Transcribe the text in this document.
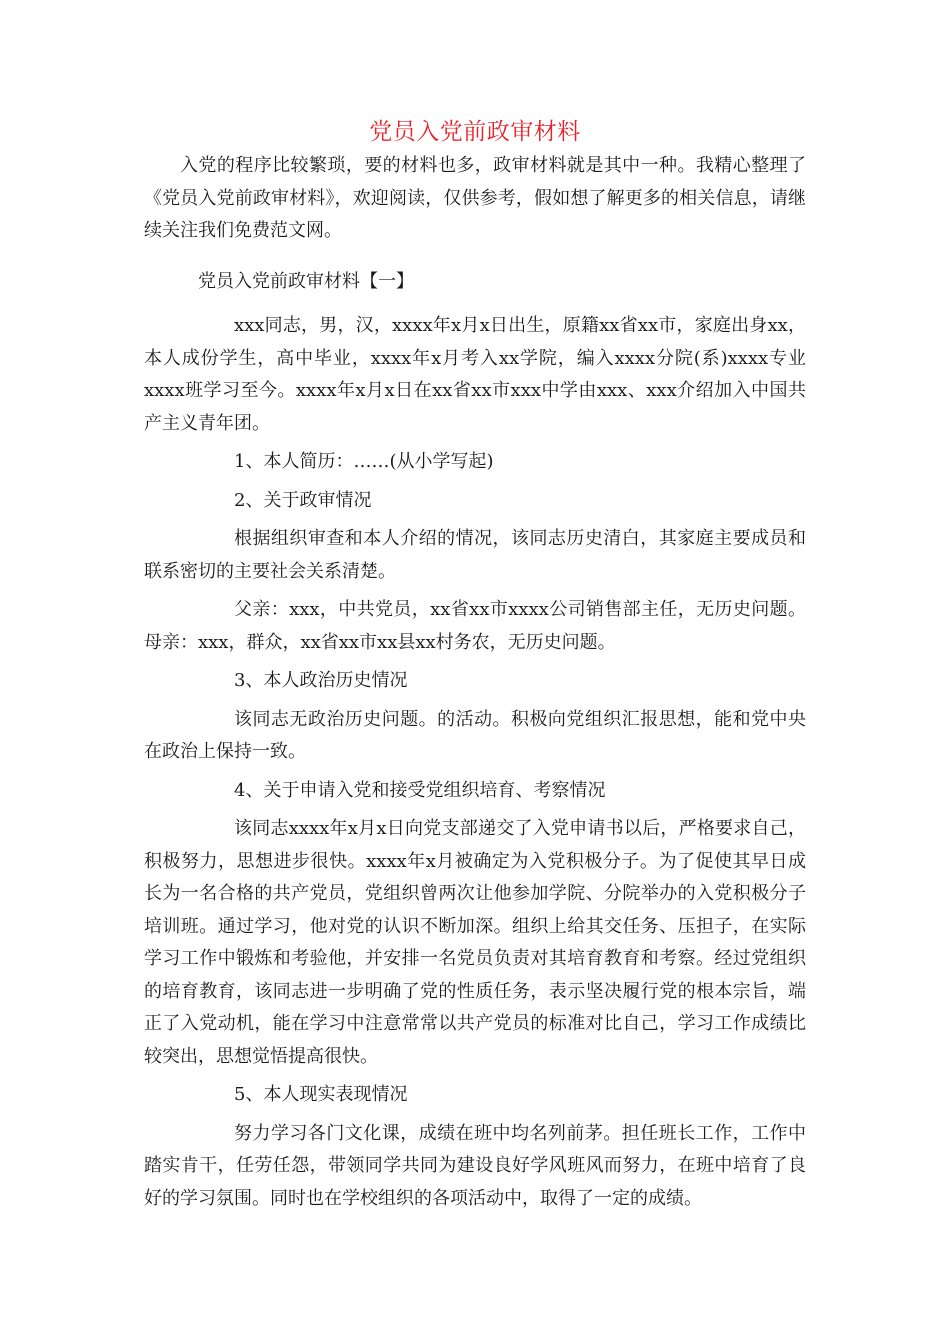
党员入党前政审材料

入党的程序比较繁琐，要的材料也多，政审材料就是其中一种。我精心整理了《党员入党前政审材料》，欢迎阅读，仅供参考，假如想了解更多的相关信息，请继续关注我们免费范文网。

党员入党前政审材料【一】

xxx同志，男，汉，xxxx年x月x日出生，原籍xx省xx市，家庭出身xx，本人成份学生，高中毕业，xxxx年x月考入xx学院，编入xxxx分院(系)xxxx专业xxxx班学习至今。xxxx年x月x日在xx省xx市xxx中学由xxx、xxx介绍加入中国共产主义青年团。

1、本人简历：……(从小学写起)

2、关于政审情况

根据组织审查和本人介绍的情况，该同志历史清白，其家庭主要成员和联系密切的主要社会关系清楚。

父亲：xxx，中共党员，xx省xx市xxxx公司销售部主任，无历史问题。母亲：xxx，群众，xx省xx市xx县xx村务农，无历史问题。

3、本人政治历史情况

该同志无政治历史问题。的活动。积极向党组织汇报思想，能和党中央在政治上保持一致。

4、关于申请入党和接受党组织培育、考察情况

该同志xxxx年x月x日向党支部递交了入党申请书以后，严格要求自己，积极努力，思想进步很快。xxxx年x月被确定为入党积极分子。为了促使其早日成长为一名合格的共产党员，党组织曾两次让他参加学院、分院举办的入党积极分子培训班。通过学习，他对党的认识不断加深。组织上给其交任务、压担子，在实际学习工作中锻炼和考验他，并安排一名党员负责对其培育教育和考察。经过党组织的培育教育，该同志进一步明确了党的性质任务，表示坚决履行党的根本宗旨，端正了入党动机，能在学习中注意常常以共产党员的标准对比自己，学习工作成绩比较突出，思想觉悟提高很快。

5、本人现实表现情况

努力学习各门文化课，成绩在班中均名列前茅。担任班长工作，工作中踏实肯干，任劳任怨，带领同学共同为建设良好学风班风而努力，在班中培育了良好的学习氛围。同时也在学校组织的各项活动中，取得了一定的成绩。
